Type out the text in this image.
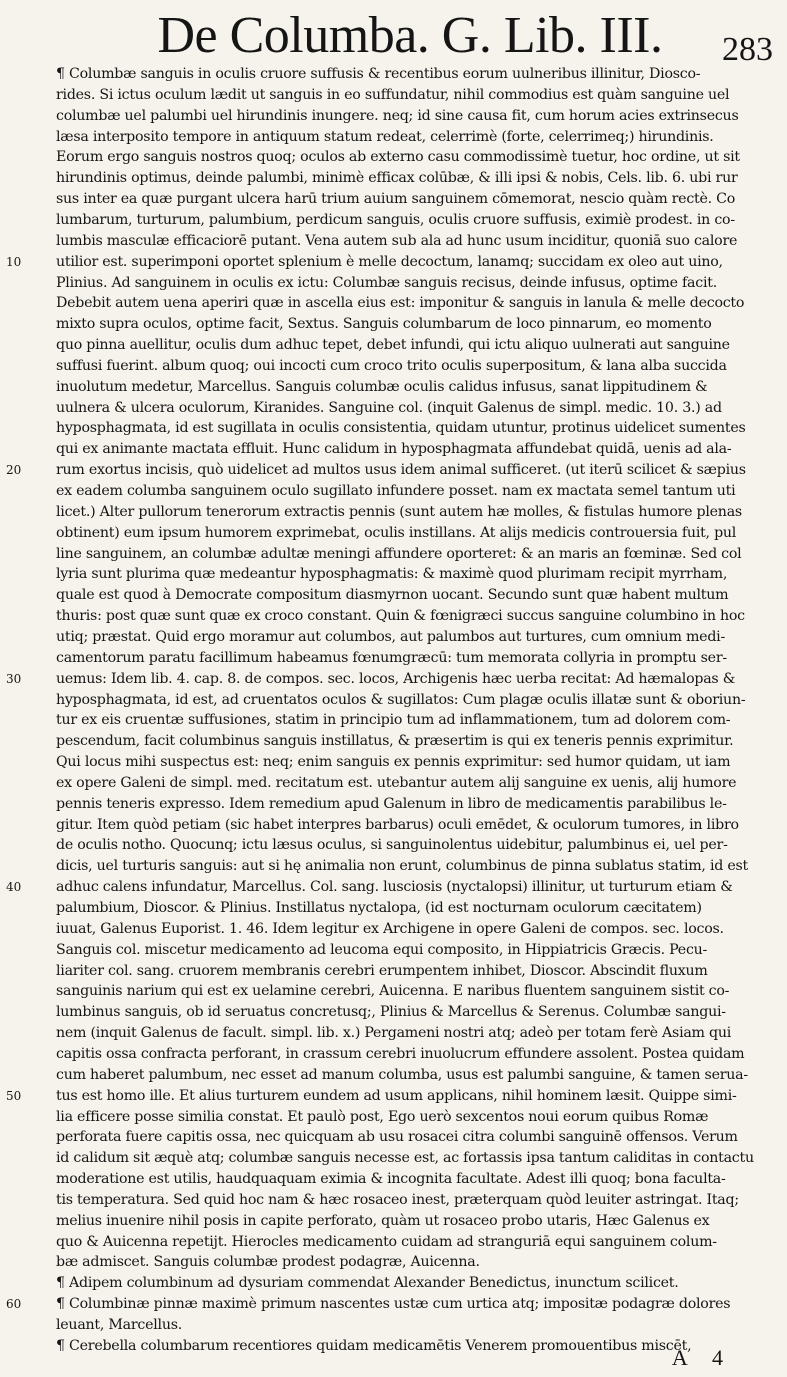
De Columba. G. Lib. III. 283
¶ Columbæ sanguis in oculis cruore suffusis & recentibus eorum uulneribus illinitur, Diosco-
rides. Si ictus oculum lædit ut sanguis in eo suffundatur, nihil commodius est quàm sanguine uel
columbæ uel palumbi uel hirundinis inungere. neq; id sine causa fit, cum horum acies extrinsecus
læsa interposito tempore in antiquum statum redeat, celerrimè (forte, celerrimeq;) hirundinis.
Eorum ergo sanguis nostros quoq; oculos ab externo casu commodissimè tuetur, hoc ordine, ut sit
hirundinis optimus, deinde palumbi, minimè efficax colūbæ, & illi ipsi & nobis, Cels. lib. 6. ubi rur
sus inter ea quæ purgant ulcera harū trium auium sanguinem cōmemorat, nescio quàm rectè. Co
lumbarum, turturum, palumbium, perdicum sanguis, oculis cruore suffusis, eximiè prodest. in co-
lumbis masculæ efficaciorē putant. Vena autem sub ala ad hunc usum inciditur, quoniā suo calore
utilior est. superimponi oportet splenium è melle decoctum, lanamq; succidam ex oleo aut uino,
Plinius. Ad sanguinem in oculis ex ictu: Columbæ sanguis recisus, deinde infusus, optime facit.
Debebit autem uena aperiri quæ in ascella eius est: imponitur & sanguis in lanula & melle decocto
mixto supra oculos, optime facit, Sextus. Sanguis columbarum de loco pinnarum, eo momento
quo pinna auellitur, oculis dum adhuc tepet, debet infundi, qui ictu aliquo uulnerati aut sanguine
suffusi fuerint. album quoq; oui incocti cum croco trito oculis superpositum, & lana alba succida
inuolutum medetur, Marcellus. Sanguis columbæ oculis calidus infusus, sanat lippitudinem &
uulnera & ulcera oculorum, Kiranides. Sanguine col. (inquit Galenus de simpl. medic. 10. 3.) ad
hyposphagmata, id est sugillata in oculis consistentia, quidam utuntur, protinus uidelicet sumentes
qui ex animante mactata effluit. Hunc calidum in hyposphagmata affundebat quidā, uenis ad ala-
rum exortus incisis, quò uidelicet ad multos usus idem animal sufficeret. (ut iterū scilicet & sæpius
ex eadem columba sanguinem oculo sugillato infundere posset. nam ex mactata semel tantum uti
licet.) Alter pullorum tenerorum extractis pennis (sunt autem hæ molles, & fistulas humore plenas
obtinent) eum ipsum humorem exprimebat, oculis instillans. At alijs medicis controuersia fuit, pul
line sanguinem, an columbæ adultæ meningi affundere oporteret: & an maris an fœminæ. Sed col
lyria sunt plurima quæ medeantur hyposphagmatis: & maximè quod plurimam recipit myrrham,
quale est quod à Democrate compositum diasmyrnon uocant. Secundo sunt quæ habent multum
thuris: post quæ sunt quæ ex croco constant. Quin & fœnigræci succus sanguine columbino in hoc
utiq; præstat. Quid ergo moramur aut columbos, aut palumbos aut turtures, cum omnium medi-
camentorum paratu facillimum habeamus fœnumgræcū: tum memorata collyria in promptu ser-
uemus: Idem lib. 4. cap. 8. de compos. sec. locos, Archigenis hæc uerba recitat: Ad hæmalopas &
hyposphagmata, id est, ad cruentatos oculos & sugillatos: Cum plagæ oculis illatæ sunt & oboriun-
tur ex eis cruentæ suffusiones, statim in principio tum ad inflammationem, tum ad dolorem com-
pescendum, facit columbinus sanguis instillatus, & præsertim is qui ex teneris pennis exprimitur.
Qui locus mihi suspectus est: neq; enim sanguis ex pennis exprimitur: sed humor quidam, ut iam
ex opere Galeni de simpl. med. recitatum est. utebantur autem alij sanguine ex uenis, alij humore
pennis teneris expresso. Idem remedium apud Galenum in libro de medicamentis parabilibus le-
gitur. Item quòd petiam (sic habet interpres barbarus) oculi emēdet, & oculorum tumores, in libro
de oculis notho. Quocunq; ictu læsus oculus, si sanguinolentus uidebitur, palumbinus ei, uel per-
dicis, uel turturis sanguis: aut si hę animalia non erunt, columbinus de pinna sublatus statim, id est
adhuc calens infundatur, Marcellus. Col. sang. lusciosis (nyctalopsi) illinitur, ut turturum etiam &
palumbium, Dioscor. & Plinius. Instillatus nyctalopa, (id est nocturnam oculorum cæcitatem)
iuuat, Galenus Euporist. 1. 46. Idem legitur ex Archigene in opere Galeni de compos. sec. locos.
Sanguis col. miscetur medicamento ad leucoma equi composito, in Hippiatricis Græcis. Pecu-
liariter col. sang. cruorem membranis cerebri erumpentem inhibet, Dioscor. Abscindit fluxum
sanguinis narium qui est ex uelamine cerebri, Auicenna. E naribus fluentem sanguinem sistit co-
lumbinus sanguis, ob id seruatus concretusq;, Plinius & Marcellus & Serenus. Columbæ sangui-
nem (inquit Galenus de facult. simpl. lib. x.) Pergameni nostri atq; adeò per totam ferè Asiam qui
capitis ossa confracta perforant, in crassum cerebri inuolucrum effundere assolent. Postea quidam
cum haberet palumbum, nec esset ad manum columba, usus est palumbi sanguine, & tamen serua-
tus est homo ille. Et alius turturem eundem ad usum applicans, nihil hominem læsit. Quippe simi-
lia efficere posse similia constat. Et paulò post, Ego uerò sexcentos noui eorum quibus Romæ
perforata fuere capitis ossa, nec quicquam ab usu rosacei citra columbi sanguinē offensos. Verum
id calidum sit æquè atq; columbæ sanguis necesse est, ac fortassis ipsa tantum caliditas in contactu
moderatione est utilis, haudquaquam eximia & incognita facultate. Adest illi quoq; bona faculta-
tis temperatura. Sed quid hoc nam & hæc rosaceo inest, præterquam quòd leuiter astringat. Itaq;
melius inuenire nihil posis in capite perforato, quàm ut rosaceo probo utaris, Hæc Galenus ex
quo & Auicenna repetijt. Hierocles medicamento cuidam ad stranguriā equi sanguinem colum-
bæ admiscet. Sanguis columbæ prodest podagræ, Auicenna.
¶ Adipem columbinum ad dysuriam commendat Alexander Benedictus, inunctum scilicet.
¶ Columbinæ pinnæ maximè primum nascentes ustæ cum urtica atq; impositæ podagræ dolores
leuant, Marcellus.
¶ Cerebella columbarum recentiores quidam medicamētis Venerem promouentibus miscēt,
10
20
30
40
50
60
A 4
